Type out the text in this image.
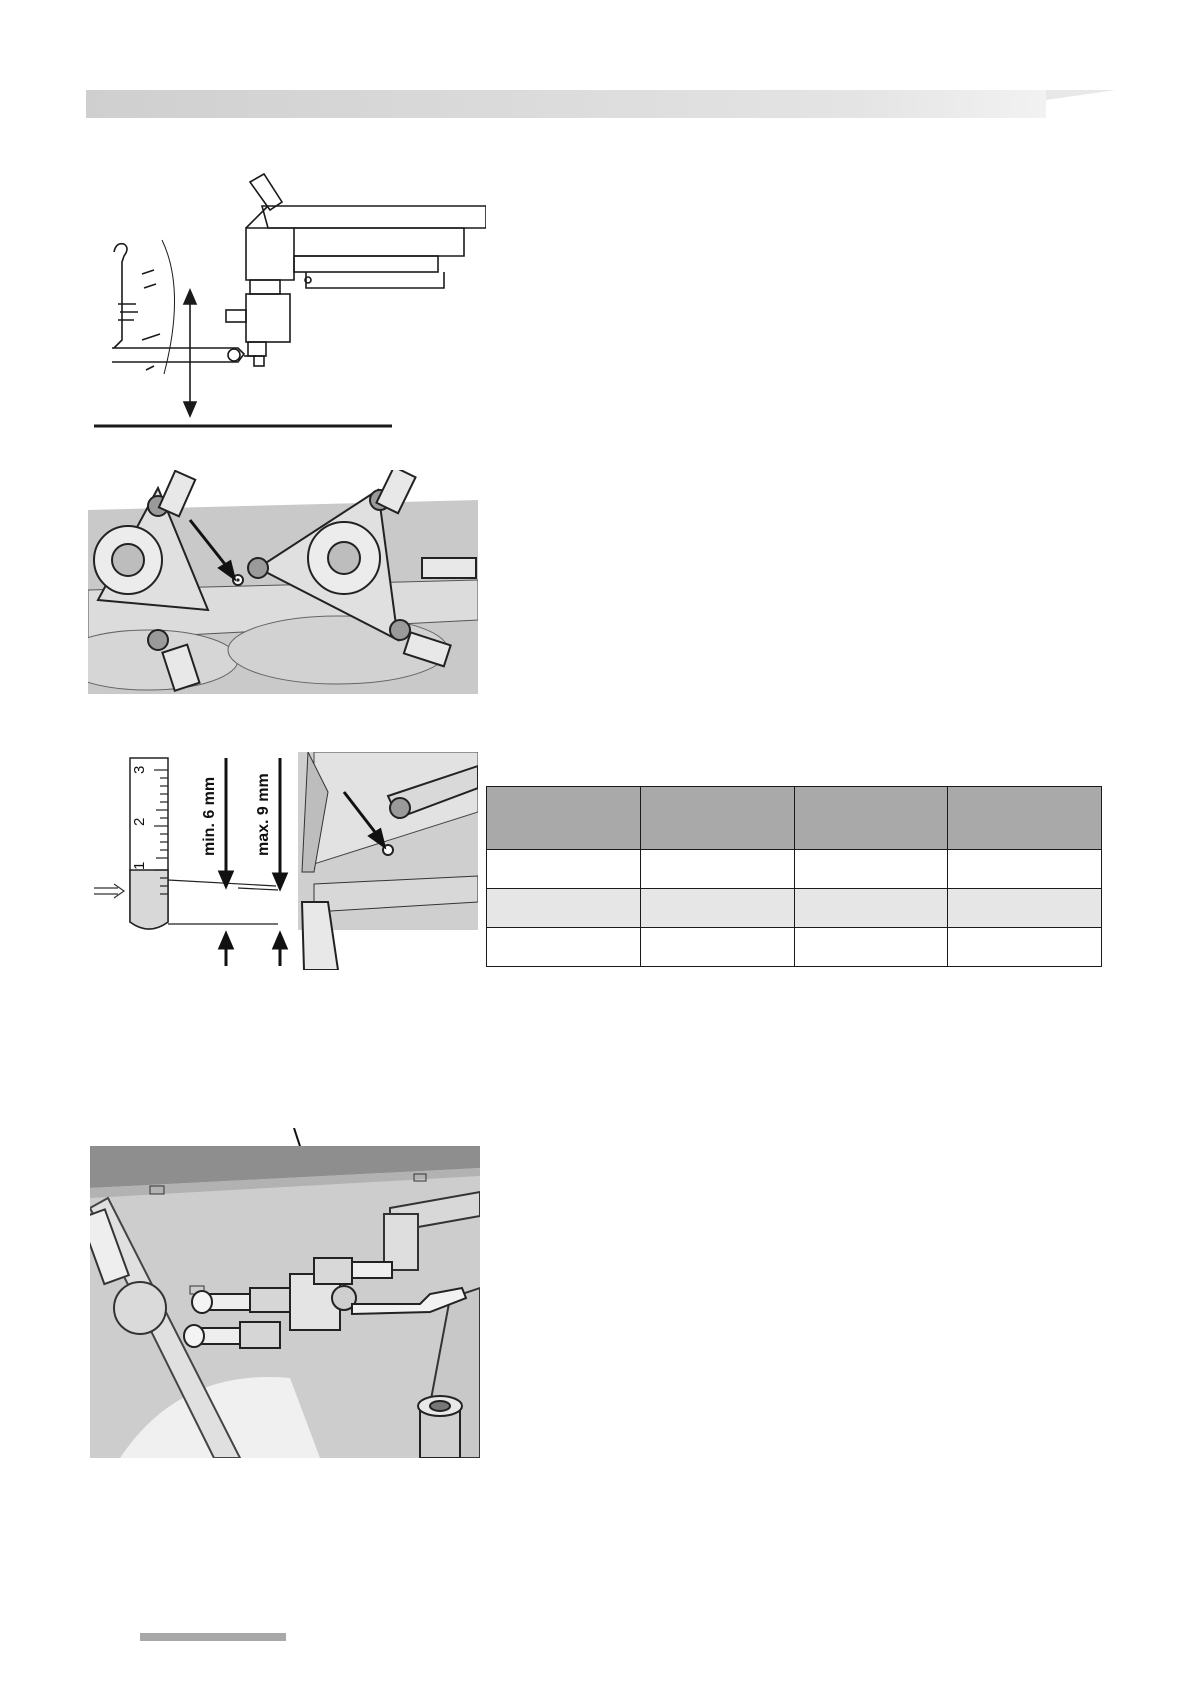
1
2
3
min. 6 mm max. 9 mm
